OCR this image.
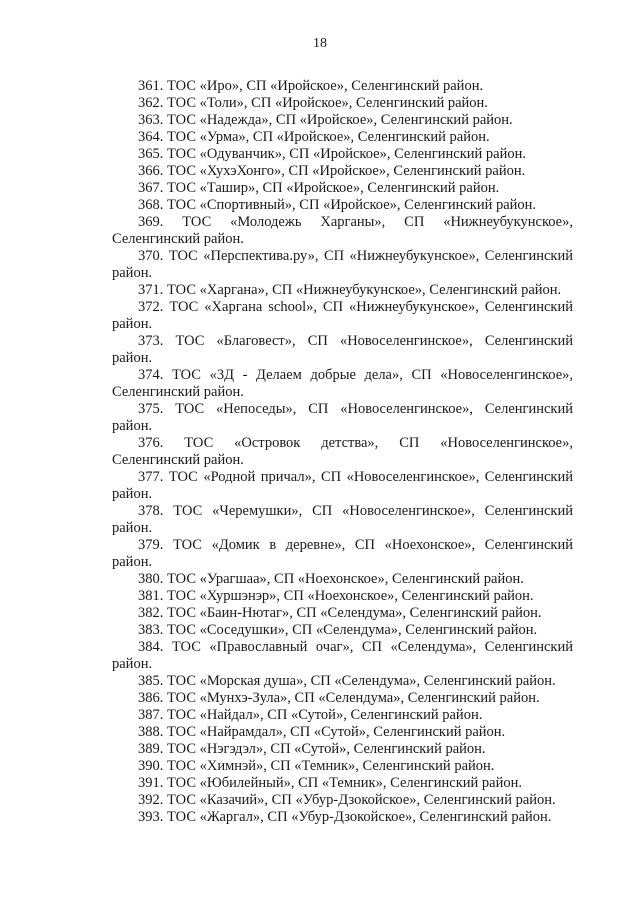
18

361. ТОС «Иро», СП «Иройское», Селенгинский район.

362. ТОС «Толи», СП «Иройское», Селенгинский район.

363. ТОС «Надежда», СП «Иройское», Селенгинский район.

364. ТОС «Урма», СП «Иройское», Селенгинский район.

365. ТОС «Одуванчик», СП «Иройское», Селенгинский район.

366. ТОС «ХухэХонго», СП «Иройское», Селенгинский район.

367. ТОС «Ташир», СП «Иройское», Селенгинский район.

368. ТОС «Спортивный», СП «Иройское», Селенгинский район.

369. ТОС «Молодежь Харганы», СП «Нижнеубукунское», Селенгинский район.

370. ТОС «Перспектива.ру», СП «Нижнеубукунское», Селенгинский район.

371. ТОС «Харгана», СП «Нижнеубукунское», Селенгинский район.

372. ТОС «Харгана school», СП «Нижнеубукунское», Селенгинский район.

373. ТОС «Благовест», СП «Новоселенгинское», Селенгинский район.

374. ТОС «3Д - Делаем добрые дела», СП «Новоселенгинское», Селенгинский район.

375. ТОС «Непоседы», СП «Новоселенгинское», Селенгинский район.

376. ТОС «Островок детства», СП «Новоселенгинское», Селенгинский район.

377. ТОС «Родной причал», СП «Новоселенгинское», Селенгинский район.

378. ТОС «Черемушки», СП «Новоселенгинское», Селенгинский район.

379. ТОС «Домик в деревне», СП «Ноехонское», Селенгинский район.

380. ТОС «Урагшаа», СП «Ноехонское», Селенгинский район.

381. ТОС «Хуршэнэр», СП «Ноехонское», Селенгинский район.

382. ТОС «Баин-Нютаг», СП «Селендума», Селенгинский район.

383. ТОС «Соседушки», СП «Селендума», Селенгинский район.

384. ТОС «Православный очаг», СП «Селендума», Селенгинский район.

385. ТОС «Морская душа», СП «Селендума», Селенгинский район.

386. ТОС «Мунхэ-Зула», СП «Селендума», Селенгинский район.

387. ТОС «Найдал», СП «Сутой», Селенгинский район.

388. ТОС «Найрамдал», СП «Сутой», Селенгинский район.

389. ТОС «Нэгэдэл», СП «Сутой», Селенгинский район.

390. ТОС «Химнэй», СП «Темник», Селенгинский район.

391. ТОС «Юбилейный», СП «Темник», Селенгинский район.

392. ТОС «Казачий», СП «Убур-Дзокойское», Селенгинский район.

393. ТОС «Жаргал», СП «Убур-Дзокойское», Селенгинский район.
